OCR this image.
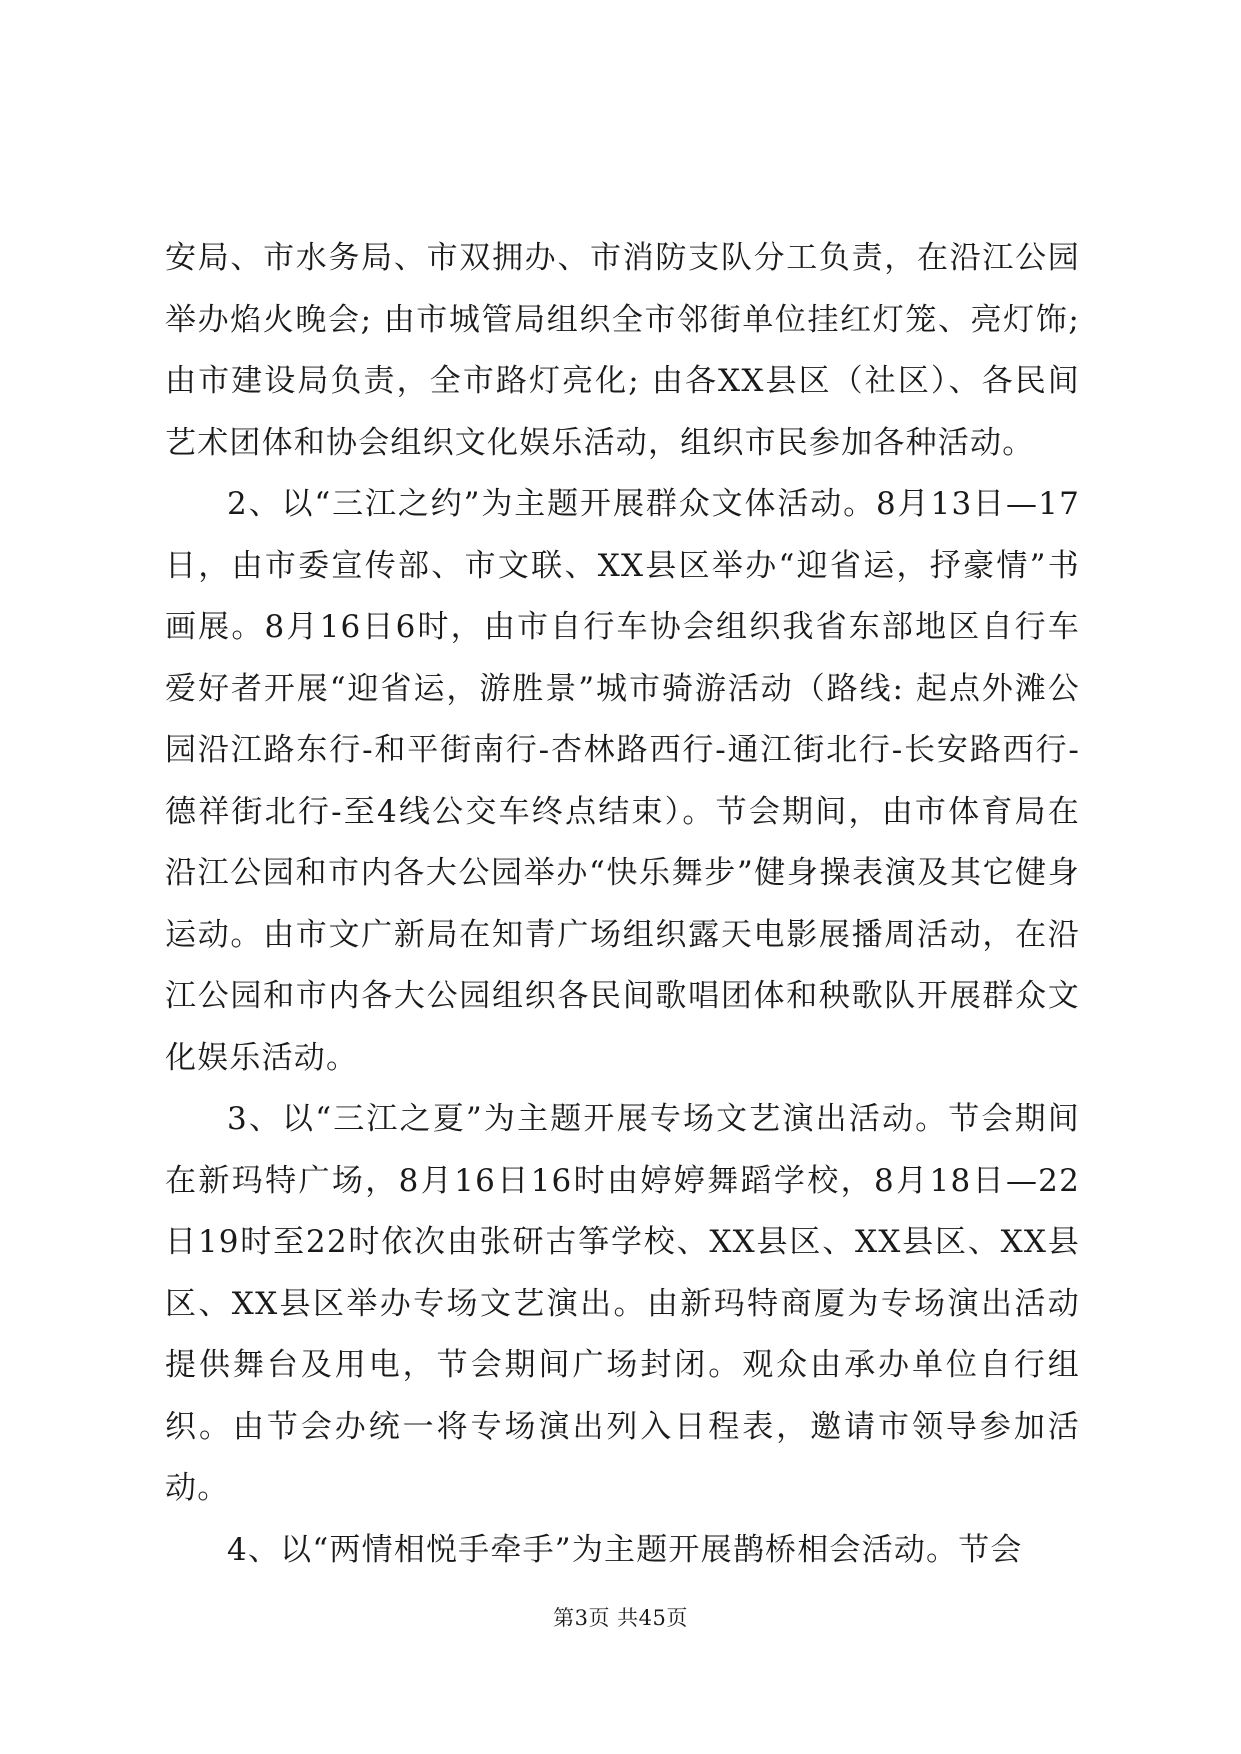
安局、市水务局、市双拥办、市消防支队分工负责，在沿江公园举办焰火晚会; 由市城管局组织全市邻街单位挂红灯笼、亮灯饰; 由市建设局负责，全市路灯亮化; 由各XX县区（社区）、各民间艺术团体和协会组织文化娱乐活动，组织市民参加各种活动。

2、以“三江之约”为主题开展群众文体活动。8月13日—17日，由市委宣传部、市文联、XX县区举办“迎省运，抒豪情”书画展。8月16日6时，由市自行车协会组织我省东部地区自行车爱好者开展“迎省运，游胜景”城市骑游活动（路线: 起点外滩公园沿江路东行-和平街南行-杏林路西行-通江街北行-长安路西行-德祥街北行-至4线公交车终点结束）。节会期间，由市体育局在沿江公园和市内各大公园举办“快乐舞步”健身操表演及其它健身运动。由市文广新局在知青广场组织露天电影展播周活动，在沿江公园和市内各大公园组织各民间歌唱团体和秧歌队开展群众文化娱乐活动。

3、以“三江之夏”为主题开展专场文艺演出活动。节会期间在新玛特广场，8月16日16时由婷婷舞蹈学校，8月18日—22日19时至22时依次由张研古筝学校、XX县区、XX县区、XX县区、XX县区举办专场文艺演出。由新玛特商厦为专场演出活动提供舞台及用电，节会期间广场封闭。观众由承办单位自行组织。由节会办统一将专场演出列入日程表，邀请市领导参加活动。

4、以“两情相悦手牵手”为主题开展鹊桥相会活动。节会

第3页 共45页
